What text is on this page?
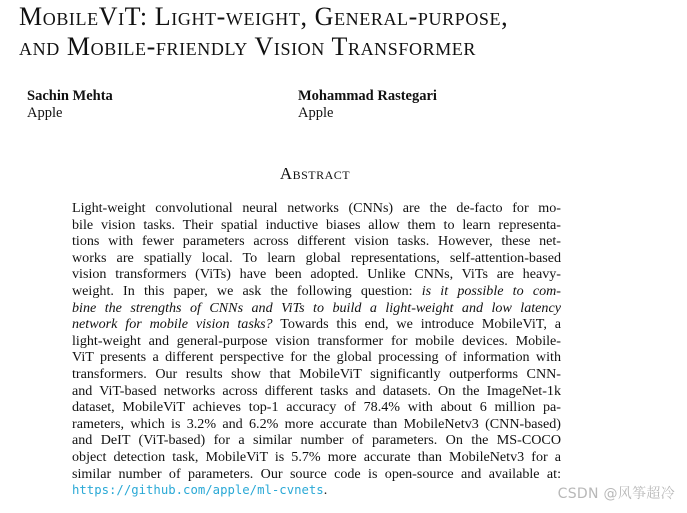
MobileViT: Light-weight, General-purpose,
and Mobile-friendly Vision Transformer
Sachin Mehta
Apple
Mohammad Rastegari
Apple
Abstract
Light-weight convolutional neural networks (CNNs) are the de-facto for mo-
bile vision tasks. Their spatial inductive biases allow them to learn representa-
tions with fewer parameters across different vision tasks. However, these net-
works are spatially local. To learn global representations, self-attention-based
vision transformers (ViTs) have been adopted. Unlike CNNs, ViTs are heavy-
weight. In this paper, we ask the following question: is it possible to com-
bine the strengths of CNNs and ViTs to build a light-weight and low latency
network for mobile vision tasks? Towards this end, we introduce MobileViT, a
light-weight and general-purpose vision transformer for mobile devices. Mobile-
ViT presents a different perspective for the global processing of information with
transformers. Our results show that MobileViT significantly outperforms CNN-
and ViT-based networks across different tasks and datasets. On the ImageNet-1k
dataset, MobileViT achieves top-1 accuracy of 78.4% with about 6 million pa-
rameters, which is 3.2% and 6.2% more accurate than MobileNetv3 (CNN-based)
and DeIT (ViT-based) for a similar number of parameters. On the MS-COCO
object detection task, MobileViT is 5.7% more accurate than MobileNetv3 for a
similar number of parameters. Our source code is open-source and available at:
https://github.com/apple/ml-cvnets.	CSDN @风筝超冷
